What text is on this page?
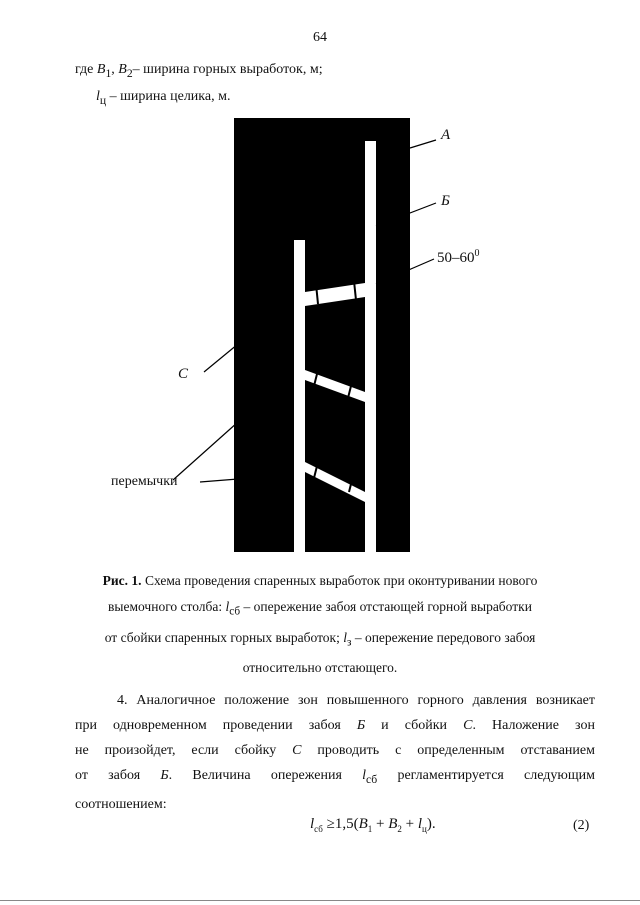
64
где $B_1$, $B_2-$ ширина горных выработок, м;
$l_ц$ – ширина целика, м.
А
Б
$50-60^0$
С
перемычки
Рис. 1. Схема проведения спаренных выработок при оконтуривании нового
выемочного столба: $l_{сб}$ – опережение забоя отстающей горной выработки
от сбойки спаренных горных выработок; $l_з$ – опережение передового забоя
относительно отстающего.
4. Аналогичное положение зон повышенного горного давления возникает
при одновременном проведении забоя Б и сбойки С. Наложение зон
не произойдет, если сбойку С проводить с определенным отставанием
от забоя Б. Величина опережения $l_{сб}$ регламентируется следующим
соотношением:
$l_{сб} \ge 1,5(B_1 + B_2 + l_ц)$.	(2)
